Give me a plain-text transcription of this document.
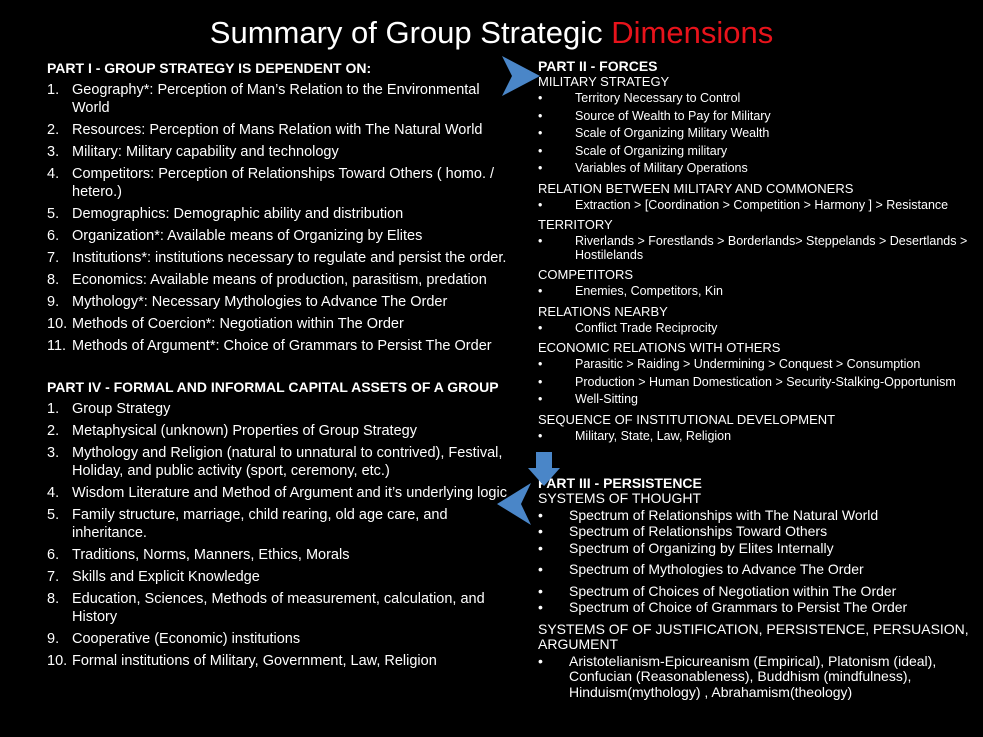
Summary of Group Strategic Dimensions

PART I - GROUP STRATEGY IS DEPENDENT ON:

1. Geography*: Perception of Man’s Relation to the Environmental World
2. Resources: Perception of Mans Relation with The Natural World
3. Military: Military capability and technology
4. Competitors: Perception of Relationships Toward Others ( homo. / hetero.)
5. Demographics: Demographic ability and distribution
6. Organization*: Available means of Organizing by Elites
7. Institutions*: institutions necessary to regulate and persist the order.
8. Economics: Available means of production, parasitism, predation
9. Mythology*: Necessary Mythologies to Advance The Order
10. Methods of Coercion*: Negotiation within The Order
11. Methods of Argument*: Choice of Grammars to Persist The Order

PART IV - FORMAL AND INFORMAL CAPITAL ASSETS OF A GROUP

1. Group Strategy
2. Metaphysical (unknown) Properties of Group Strategy
3. Mythology and Religion (natural to unnatural to contrived), Festival, Holiday, and public activity (sport, ceremony, etc.)
4. Wisdom Literature and Method of Argument and it’s underlying logic
5. Family structure, marriage, child rearing, old age care, and inheritance.
6. Traditions, Norms, Manners, Ethics, Morals
7. Skills and Explicit Knowledge
8. Education, Sciences, Methods of measurement, calculation, and History
9. Cooperative (Economic) institutions
10. Formal institutions of Military, Government, Law, Religion

PART II - FORCES

MILITARY STRATEGY

•	Territory Necessary to Control
•	Source of Wealth to Pay for Military
•	Scale of Organizing Military Wealth
•	Scale of Organizing military
•	Variables of Military Operations

RELATION BETWEEN MILITARY AND COMMONERS

•	Extraction > [Coordination > Competition > Harmony ] > Resistance

TERRITORY

•	Riverlands > Forestlands > Borderlands> Steppelands > Desertlands > Hostilelands

COMPETITORS

•	Enemies, Competitors, Kin

RELATIONS NEARBY

•	Conflict Trade Reciprocity

ECONOMIC RELATIONS WITH OTHERS

•	Parasitic > Raiding > Undermining > Conquest > Consumption
•	Production > Human Domestication > Security-Stalking-Opportunism
•	Well-Sitting

SEQUENCE OF INSTITUTIONAL DEVELOPMENT

•	Military, State, Law, Religion

PART III - PERSISTENCE

SYSTEMS OF THOUGHT

• Spectrum of Relationships with The Natural World
• Spectrum of Relationships Toward Others
• Spectrum of Organizing by Elites Internally
• Spectrum of Mythologies to Advance The Order
• Spectrum of Choices of Negotiation within The Order
• Spectrum of Choice of Grammars to Persist The Order

SYSTEMS OF OF JUSTIFICATION, PERSISTENCE, PERSUASION, ARGUMENT

• Aristotelianism-Epicureanism (Empirical), Platonism (ideal), Confucian (Reasonableness), Buddhism (mindfulness), Hinduism(mythology) , Abrahamism(theology)
